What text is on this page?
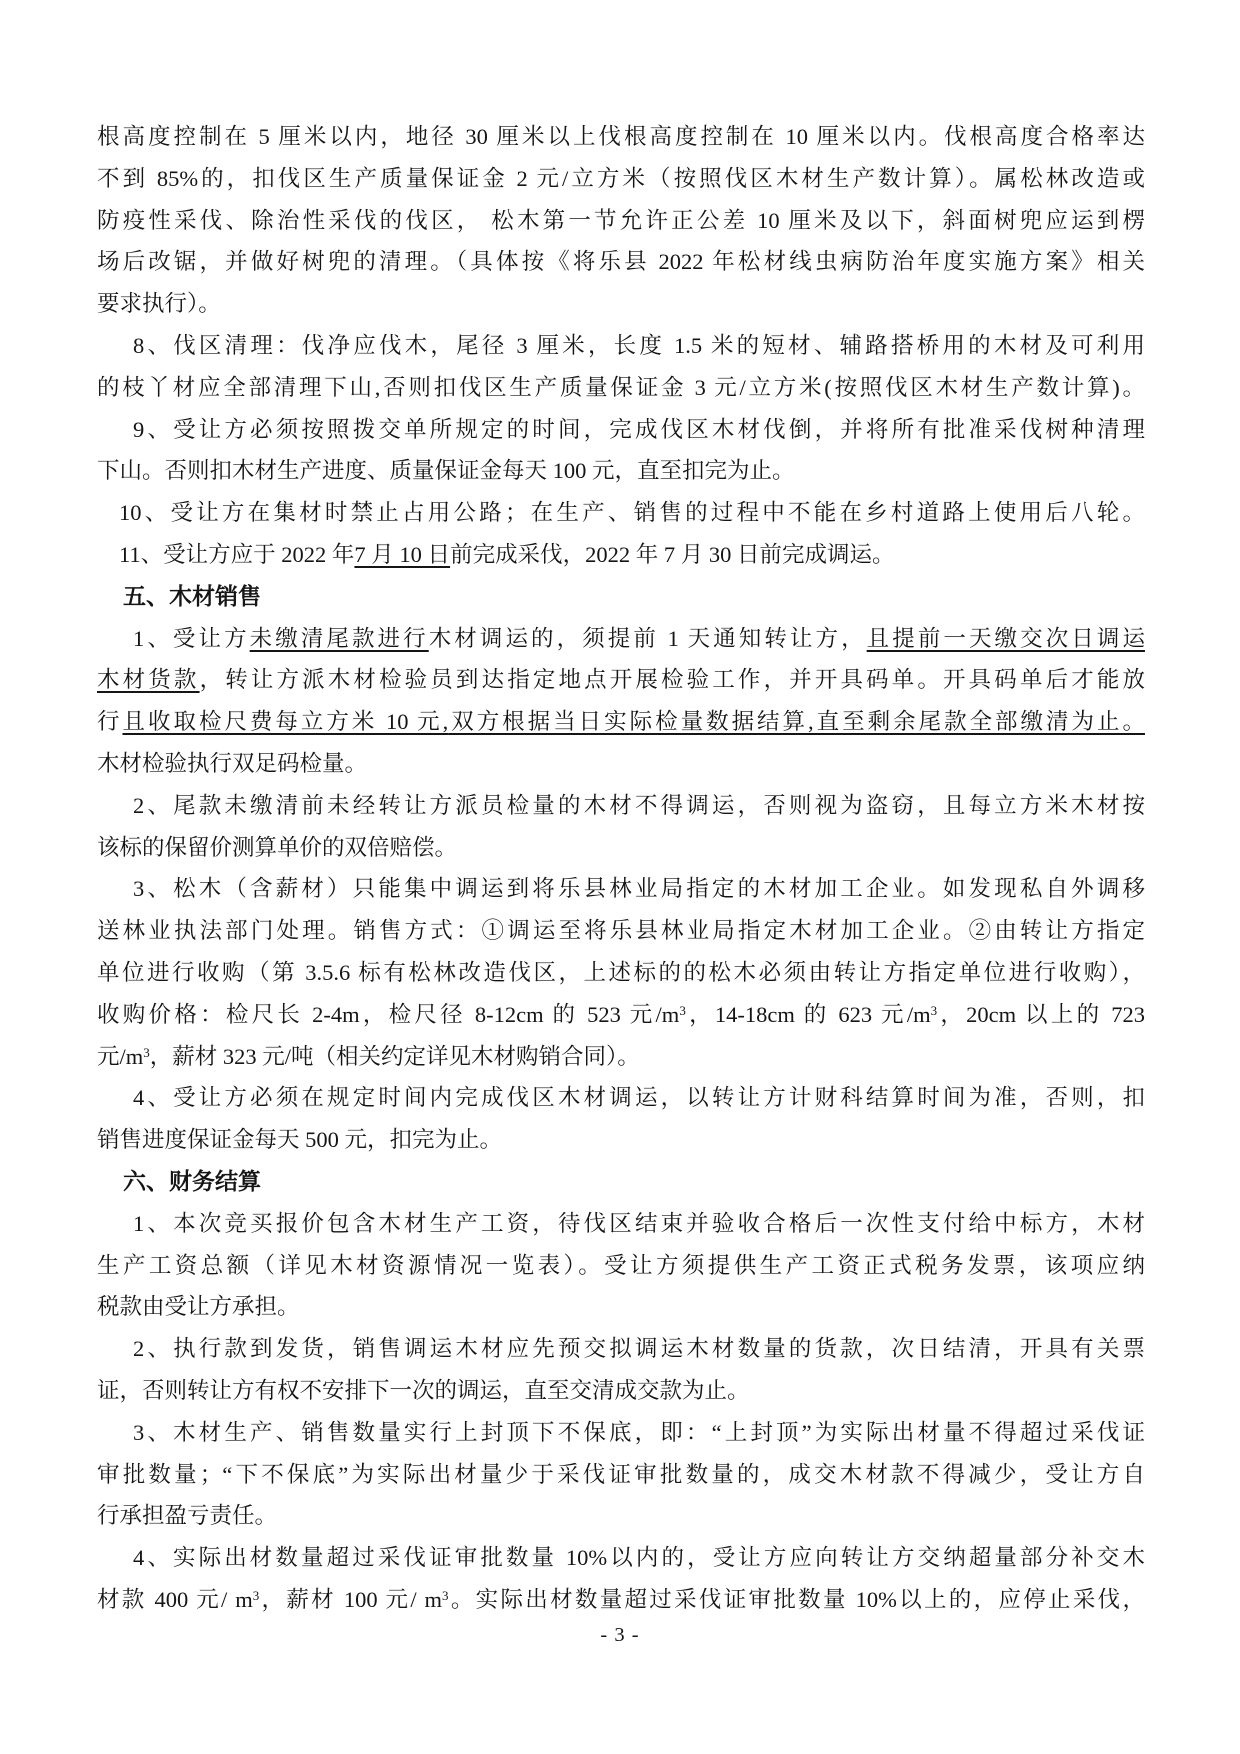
根高度控制在 5 厘米以内，地径 30 厘米以上伐根高度控制在 10 厘米以内。伐根高度合格率达
不到 85%的，扣伐区生产质量保证金 2 元/立方米（按照伐区木材生产数计算）。属松林改造或
防疫性采伐、除治性采伐的伐区， 松木第一节允许正公差 10 厘米及以下，斜面树兜应运到楞
场后改锯，并做好树兜的清理。（具体按《将乐县 2022 年松材线虫病防治年度实施方案》相关
要求执行）。
8、伐区清理：伐净应伐木，尾径 3 厘米，长度 1.5 米的短材、辅路搭桥用的木材及可利用
的枝丫材应全部清理下山,否则扣伐区生产质量保证金 3 元/立方米(按照伐区木材生产数计算)。
9、受让方必须按照拨交单所规定的时间，完成伐区木材伐倒，并将所有批准采伐树种清理
下山。否则扣木材生产进度、质量保证金每天 100 元，直至扣完为止。
10、受让方在集材时禁止占用公路；在生产、销售的过程中不能在乡村道路上使用后八轮。
11、受让方应于 2022 年7 月 10 日前完成采伐，2022 年 7 月 30 日前完成调运。
五、木材销售
1、受让方未缴清尾款进行木材调运的，须提前 1 天通知转让方，且提前一天缴交次日调运
木材货款，转让方派木材检验员到达指定地点开展检验工作，并开具码单。开具码单后才能放
行且收取检尺费每立方米 10 元,双方根据当日实际检量数据结算,直至剩余尾款全部缴清为止。
木材检验执行双足码检量。
2、尾款未缴清前未经转让方派员检量的木材不得调运，否则视为盗窃，且每立方米木材按
该标的保留价测算单价的双倍赔偿。
3、松木（含薪材）只能集中调运到将乐县林业局指定的木材加工企业。如发现私自外调移
送林业执法部门处理。销售方式：①调运至将乐县林业局指定木材加工企业。②由转让方指定
单位进行收购（第 3.5.6 标有松林改造伐区，上述标的的松木必须由转让方指定单位进行收购），
收购价格：检尺长 2-4m，检尺径 8-12cm 的 523 元$/m^3$，14-18cm 的 623 元$/m^3$，20cm 以上的 723
元$/m^3$，薪材 323 元/吨（相关约定详见木材购销合同）。
4、受让方必须在规定时间内完成伐区木材调运，以转让方计财科结算时间为准，否则，扣
销售进度保证金每天 500 元，扣完为止。
六、财务结算
1、本次竞买报价包含木材生产工资，待伐区结束并验收合格后一次性支付给中标方，木材
生产工资总额（详见木材资源情况一览表）。受让方须提供生产工资正式税务发票，该项应纳
税款由受让方承担。
2、执行款到发货，销售调运木材应先预交拟调运木材数量的货款，次日结清，开具有关票
证，否则转让方有权不安排下一次的调运，直至交清成交款为止。
3、木材生产、销售数量实行上封顶下不保底，即：“上封顶”为实际出材量不得超过采伐证
审批数量；“下不保底”为实际出材量少于采伐证审批数量的，成交木材款不得减少，受让方自
行承担盈亏责任。
4、实际出材数量超过采伐证审批数量 10%以内的，受让方应向转让方交纳超量部分补交木
材款 400 元/ $m^3$，薪材 100 元/ $m^3$。实际出材数量超过采伐证审批数量 10%以上的，应停止采伐，
- 3 -
